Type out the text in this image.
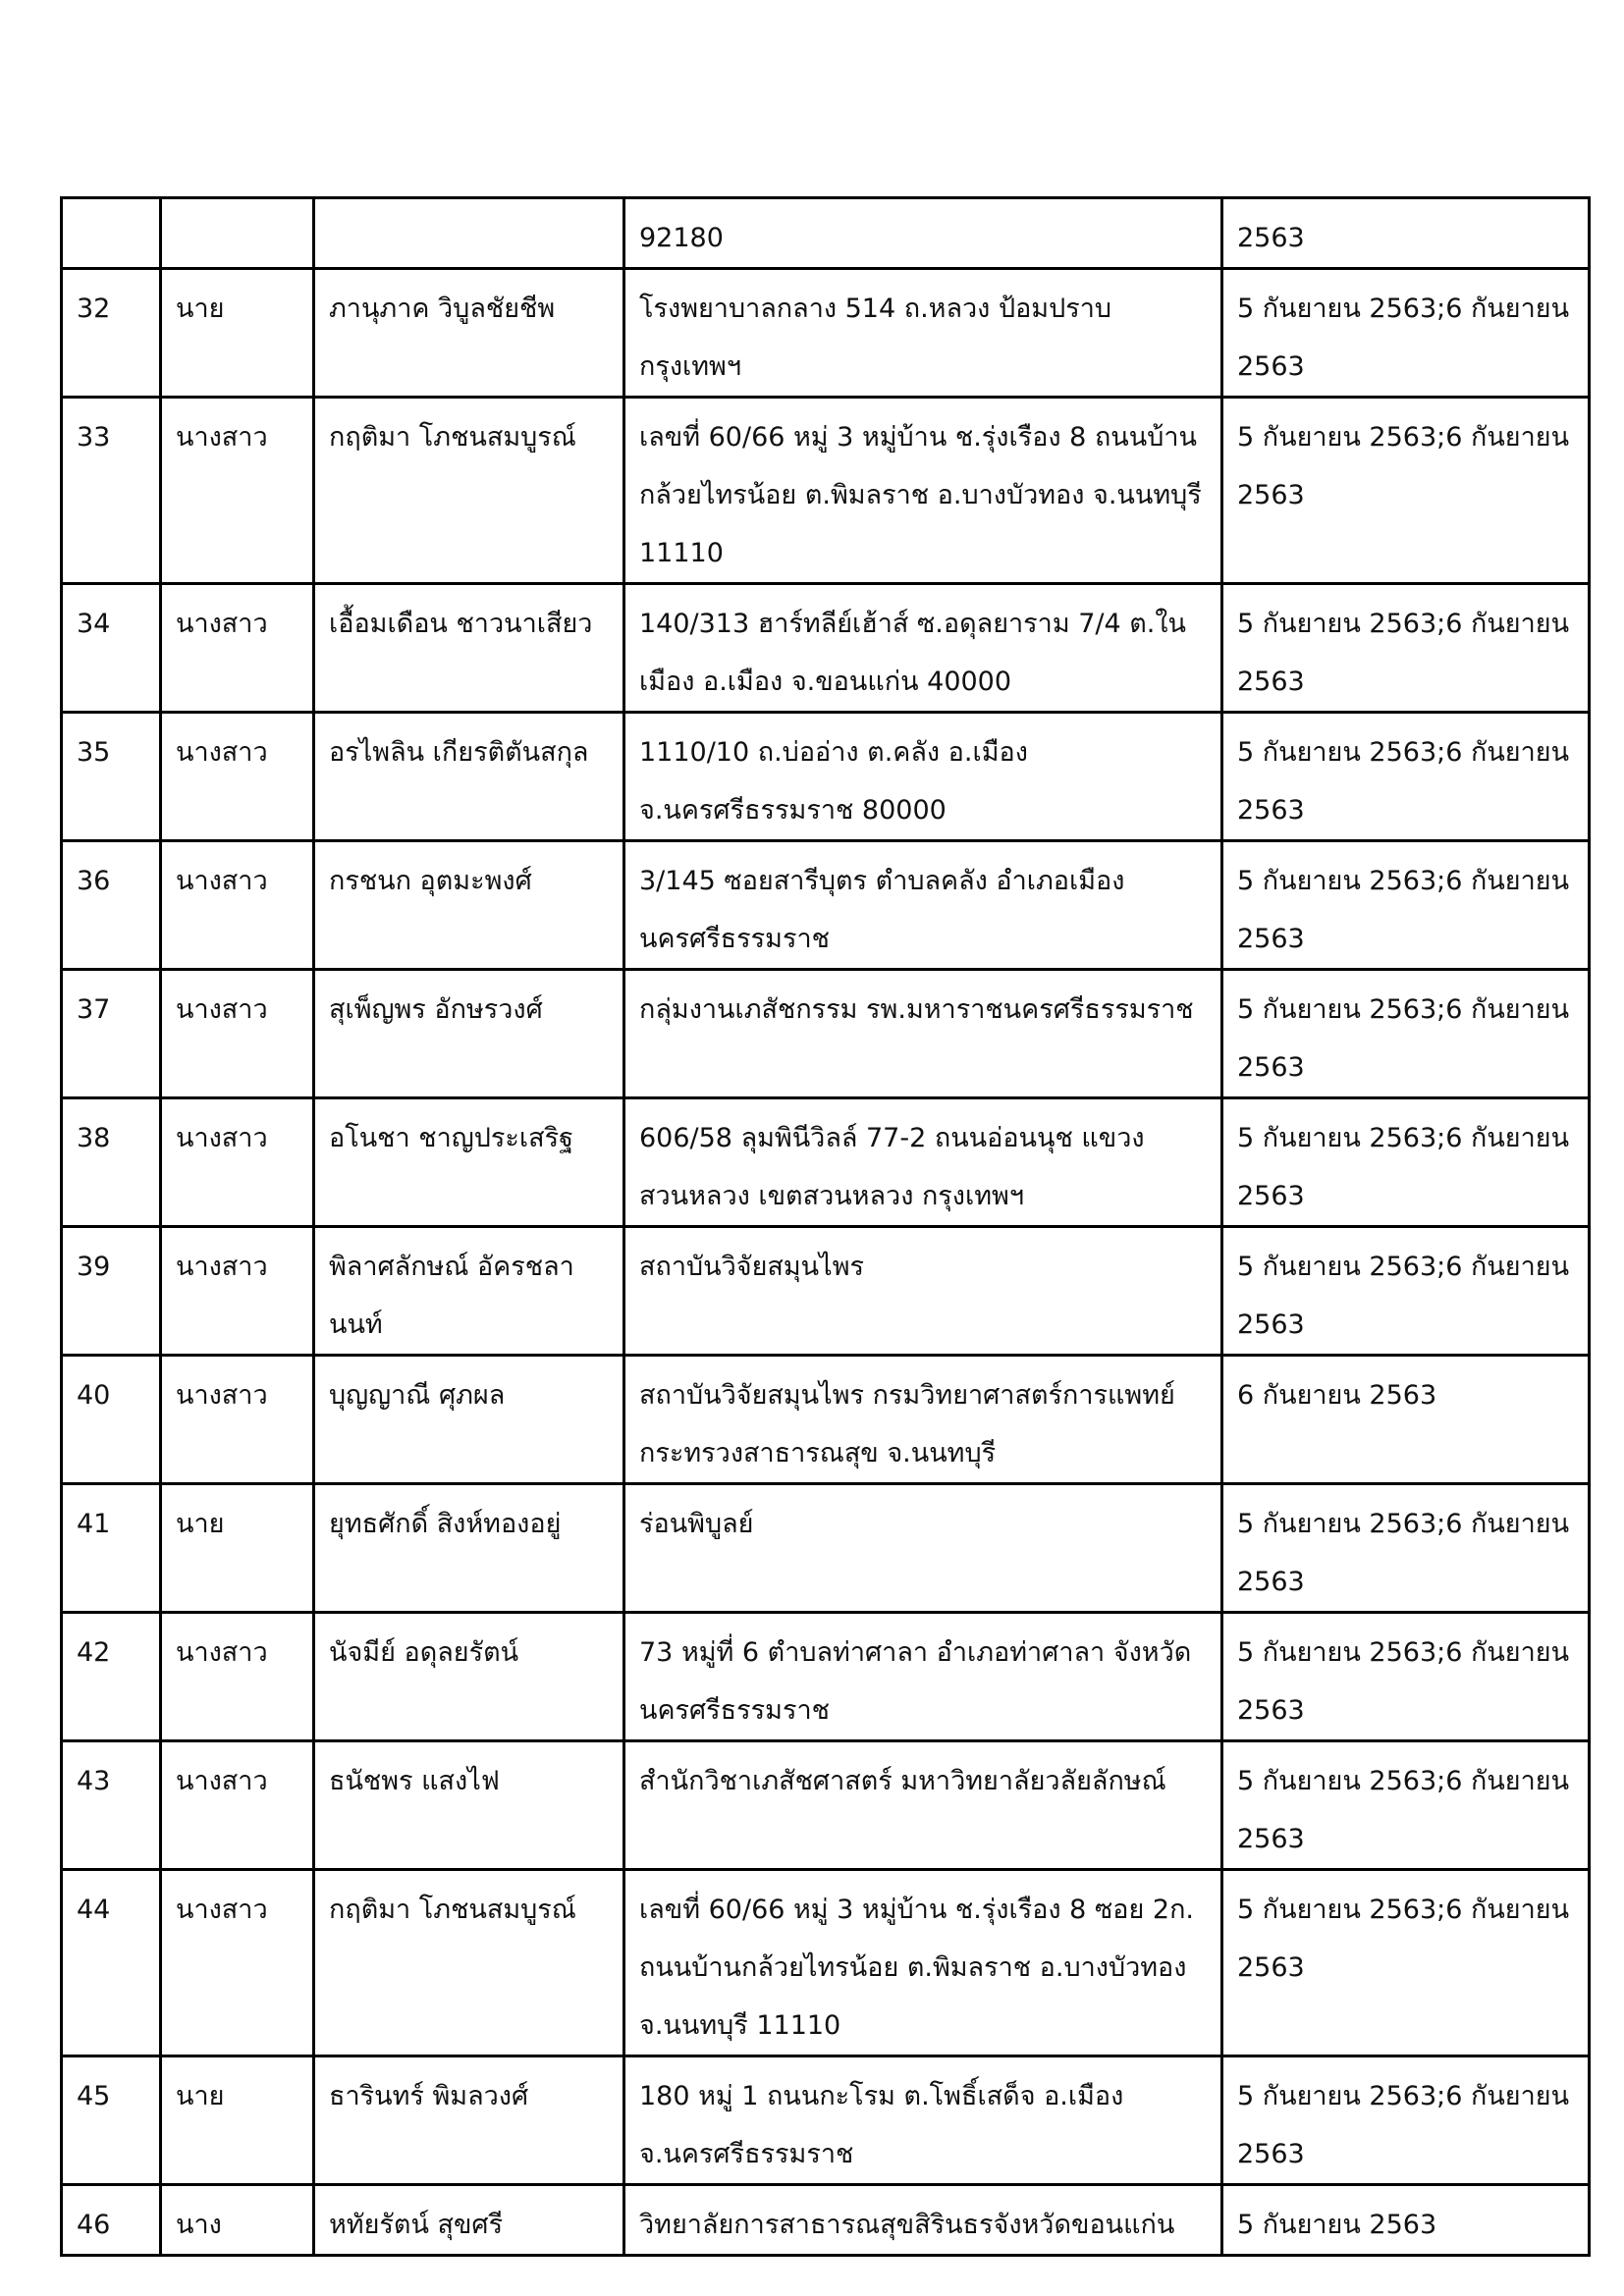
			92180	2563
32	นาย	ภานุภาค วิบูลชัยชีพ	โรงพยาบาลกลาง 514 ถ.หลวง ป้อมปราบ กรุงเทพฯ	5 กันยายน 2563;6 กันยายน 2563
33	นางสาว	กฤติมา โภชนสมบูรณ์	เลขที่ 60/66 หมู่ 3 หมู่บ้าน ช.รุ่งเรือง 8 ถนนบ้านกล้วยไทรน้อย ต.พิมลราช อ.บางบัวทอง จ.นนทบุรี 11110	5 กันยายน 2563;6 กันยายน 2563
34	นางสาว	เอื้อมเดือน ชาวนาเสียว	140/313 ฮาร์ทลีย์เฮ้าส์ ซ.อดุลยาราม 7/4 ต.ในเมือง อ.เมือง จ.ขอนแก่น 40000	5 กันยายน 2563;6 กันยายน 2563
35	นางสาว	อรไพลิน เกียรติตันสกุล	1110/10 ถ.บ่ออ่าง ต.คลัง อ.เมือง จ.นครศรีธรรมราช 80000	5 กันยายน 2563;6 กันยายน 2563
36	นางสาว	กรชนก อุตมะพงศ์	3/145 ซอยสารีบุตร ตำบลคลัง อำเภอเมือง นครศรีธรรมราช	5 กันยายน 2563;6 กันยายน 2563
37	นางสาว	สุเพ็ญพร อักษรวงศ์	กลุ่มงานเภสัชกรรม รพ.มหาราชนครศรีธรรมราช	5 กันยายน 2563;6 กันยายน 2563
38	นางสาว	อโนชา ชาญประเสริฐ	606/58 ลุมพินีวิลล์ 77-2 ถนนอ่อนนุช แขวงสวนหลวง เขตสวนหลวง กรุงเทพฯ	5 กันยายน 2563;6 กันยายน 2563
39	นางสาว	พิลาศลักษณ์ อัครชลานนท์	สถาบันวิจัยสมุนไพร	5 กันยายน 2563;6 กันยายน 2563
40	นางสาว	บุญญาณี ศุภผล	สถาบันวิจัยสมุนไพร กรมวิทยาศาสตร์การแพทย์ กระทรวงสาธารณสุข จ.นนทบุรี	6 กันยายน 2563
41	นาย	ยุทธศักดิ์ สิงห์ทองอยู่	ร่อนพิบูลย์	5 กันยายน 2563;6 กันยายน 2563
42	นางสาว	นัจมีย์ อดุลยรัตน์	73 หมู่ที่ 6 ตำบลท่าศาลา อำเภอท่าศาลา จังหวัดนครศรีธรรมราช	5 กันยายน 2563;6 กันยายน 2563
43	นางสาว	ธนัชพร แสงไฟ	สำนักวิชาเภสัชศาสตร์ มหาวิทยาลัยวลัยลักษณ์	5 กันยายน 2563;6 กันยายน 2563
44	นางสาว	กฤติมา โภชนสมบูรณ์	เลขที่ 60/66 หมู่ 3 หมู่บ้าน ช.รุ่งเรือง 8 ซอย 2ก. ถนนบ้านกล้วยไทรน้อย ต.พิมลราช อ.บางบัวทอง จ.นนทบุรี 11110	5 กันยายน 2563;6 กันยายน 2563
45	นาย	ธารินทร์ พิมลวงศ์	180 หมู่ 1 ถนนกะโรม ต.โพธิ์เสด็จ อ.เมือง จ.นครศรีธรรมราช	5 กันยายน 2563;6 กันยายน 2563
46	นาง	หทัยรัตน์ สุขศรี	วิทยาลัยการสาธารณสุขสิรินธรจังหวัดขอนแก่น	5 กันยายน 2563
